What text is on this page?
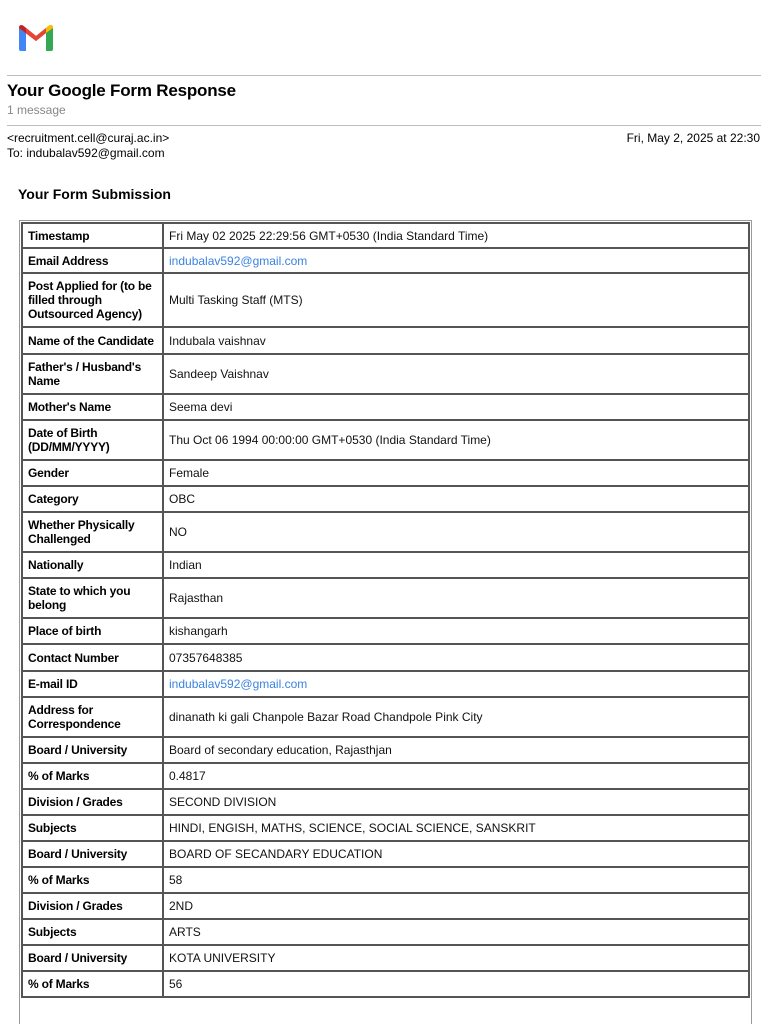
Your Google Form Response
1 message
<recruitment.cell@curaj.ac.in>
To: indubalav592@gmail.com
Fri, May 2, 2025 at 22:30
Your Form Submission
Timestamp	Fri May 02 2025 22:29:56 GMT+0530 (India Standard Time)
Email Address	indubalav592@gmail.com
Post Applied for (to be filled through Outsourced Agency)	Multi Tasking Staff (MTS)
Name of the Candidate	Indubala vaishnav
Father's / Husband's Name	Sandeep Vaishnav
Mother's Name	Seema devi
Date of Birth (DD/MM/YYYY)	Thu Oct 06 1994 00:00:00 GMT+0530 (India Standard Time)
Gender	Female
Category	OBC
Whether Physically Challenged	NO
Nationally	Indian
State to which you belong	Rajasthan
Place of birth	kishangarh
Contact Number	07357648385
E-mail ID	indubalav592@gmail.com
Address for Correspondence	dinanath ki gali Chanpole Bazar Road Chandpole Pink City
Board / University	Board of secondary education, Rajasthjan
% of Marks	0.4817
Division / Grades	SECOND DIVISION
Subjects	HINDI, ENGISH, MATHS, SCIENCE, SOCIAL SCIENCE, SANSKRIT
Board / University	BOARD OF SECANDARY EDUCATION
% of Marks	58
Division / Grades	2ND
Subjects	ARTS
Board / University	KOTA UNIVERSITY
% of Marks	56
